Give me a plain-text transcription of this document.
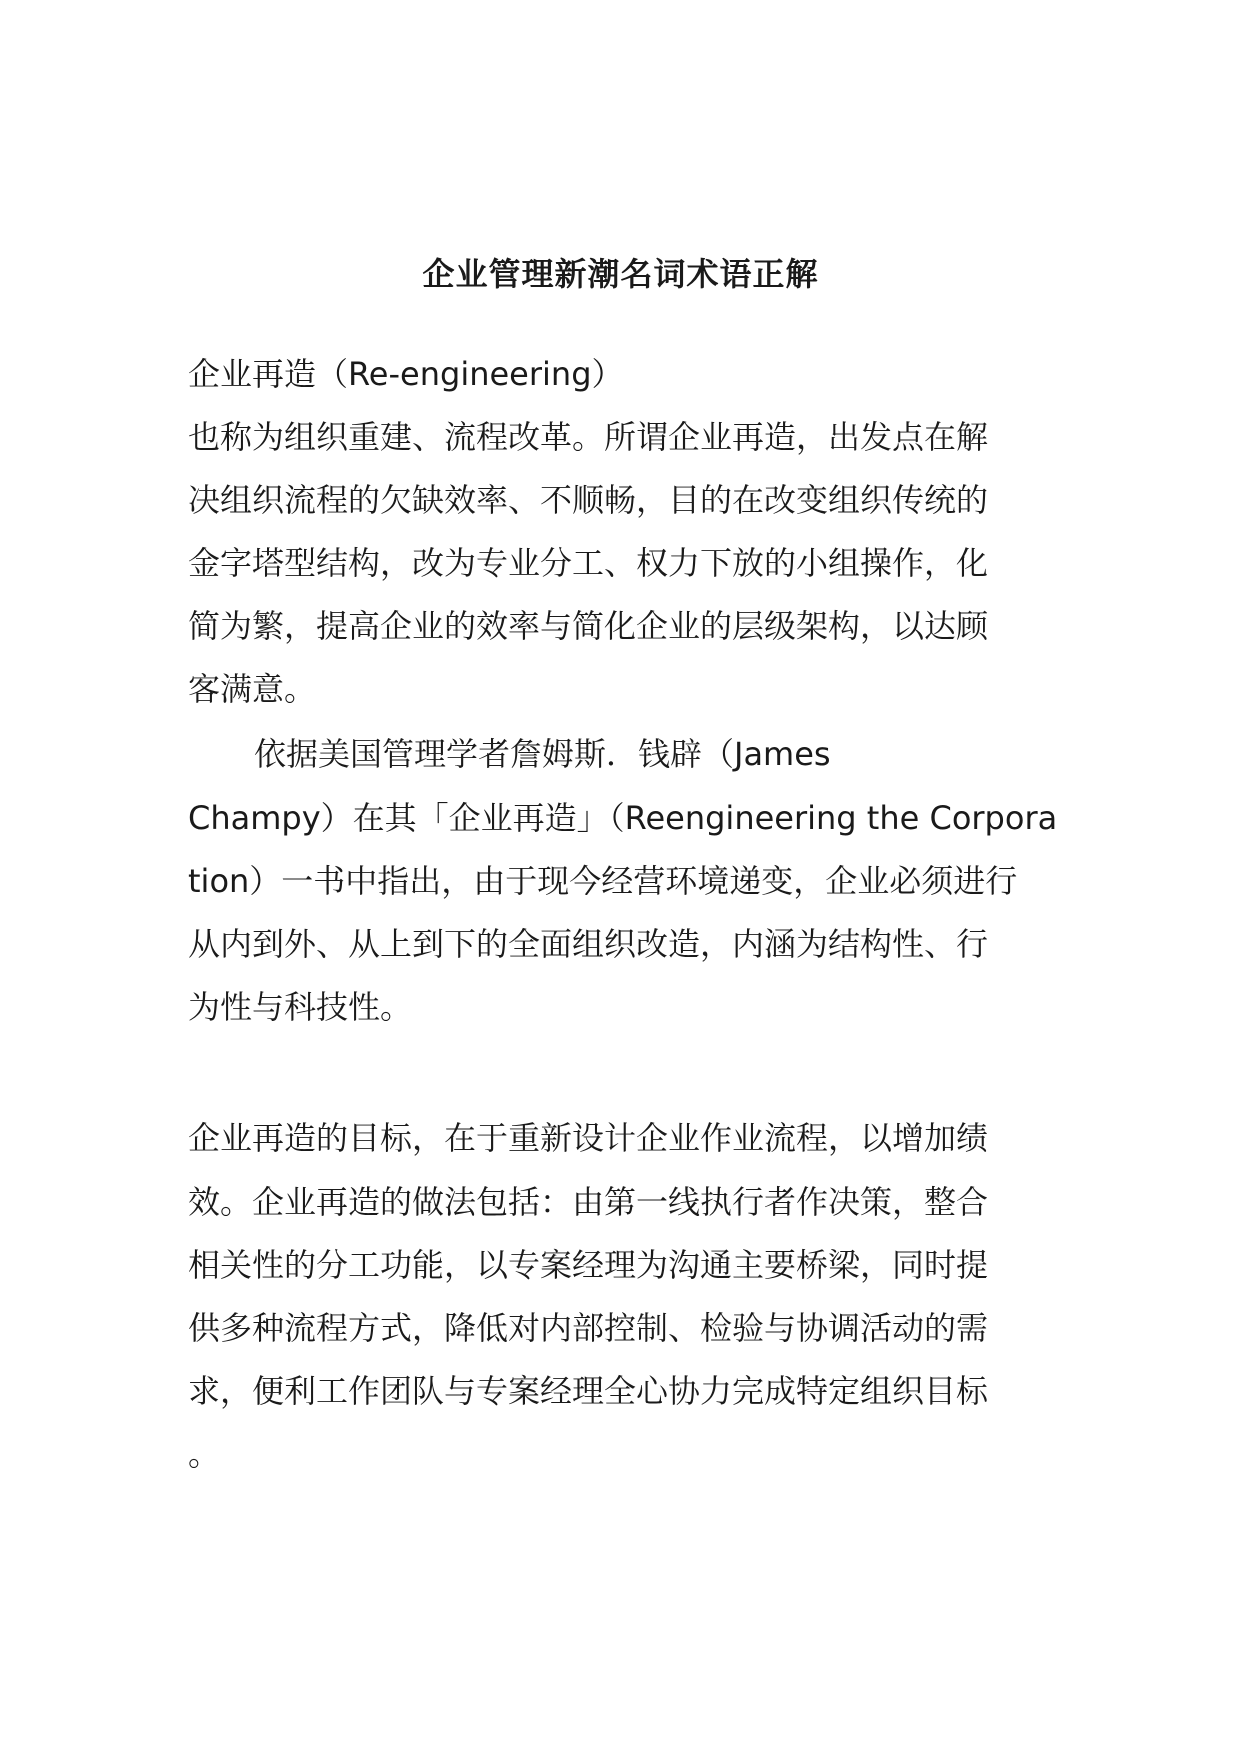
企业管理新潮名词术语正解

企业再造（Re-engineering）

也称为组织重建、流程改革。所谓企业再造，出发点在解

决组织流程的欠缺效率、不顺畅，目的在改变组织传统的

金字塔型结构，改为专业分工、权力下放的小组操作，化

简为繁，提高企业的效率与简化企业的层级架构，以达顾

客满意。

依据美国管理学者詹姆斯．钱辟（James

Champy）在其「企业再造」（Reengineering the Corpora

tion）一书中指出，由于现今经营环境递变，企业必须进行

从内到外、从上到下的全面组织改造，内涵为结构性、行

为性与科技性。

企业再造的目标，在于重新设计企业作业流程，以增加绩

效。企业再造的做法包括：由第一线执行者作决策，整合

相关性的分工功能，以专案经理为沟通主要桥梁，同时提

供多种流程方式，降低对内部控制、检验与协调活动的需

求，便利工作团队与专案经理全心协力完成特定组织目标

。
